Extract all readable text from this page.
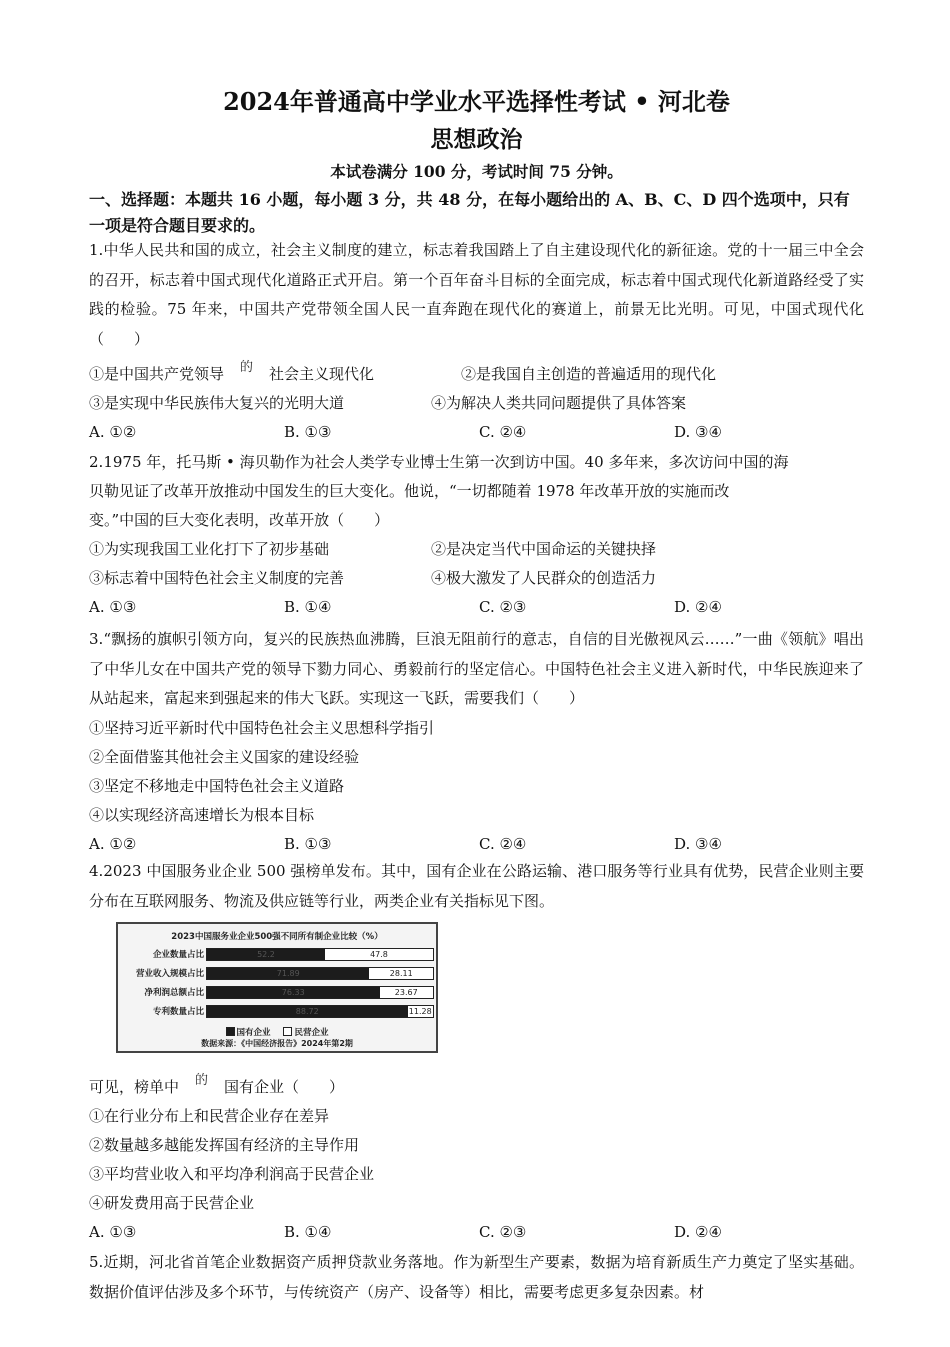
2024年普通高中学业水平选择性考试 • 河北卷
思想政治
本试卷满分 100 分，考试时间 75 分钟。
一、选择题：本题共 16 小题，每小题 3 分，共 48 分，在每小题给出的 A、B、C、D 四个选项中，只有一项是符合题目要求的。

1.中华人民共和国的成立，社会主义制度的建立，标志着我国踏上了自主建设现代化的新征途。党的十一届三中全会的召开，标志着中国式现代化道路正式开启。第一个百年奋斗目标的全面完成，标志着中国式现代化新道路经受了实践的检验。75 年来，中国共产党带领全国人民一直奔跑在现代化的赛道上，前景无比光明。可见，中国式现代化（　　）

①是中国共产党领导 的 社会主义现代化	②是我国自主创造的普遍适用的现代化
③是实现中华民族伟大复兴的光明大道	④为解决人类共同问题提供了具体答案
A. ①②	B. ①③	C. ②④	D. ③④
2.1975 年，托马斯 • 海贝勒作为社会人类学专业博士生第一次到访中国。40 多年来，多次访问中国的海
贝勒见证了改革开放推动中国发生的巨大变化。他说，“一切都随着 1978 年改革开放的实施而改
变。”中国的巨大变化表明，改革开放（　　）
①为实现我国工业化打下了初步基础	②是决定当代中国命运的关键抉择
③标志着中国特色社会主义制度的完善	④极大激发了人民群众的创造活力
A. ①③	B. ①④	C. ②③	D. ②④

3.“飘扬的旗帜引领方向，复兴的民族热血沸腾，巨浪无阻前行的意志，自信的目光傲视风云……”一曲《领航》唱出了中华儿女在中国共产党的领导下勠力同心、勇毅前行的坚定信心。中国特色社会主义进入新时代，中华民族迎来了从站起来，富起来到强起来的伟大飞跃。实现这一飞跃，需要我们（　　）

①坚持习近平新时代中国特色社会主义思想科学指引
②全面借鉴其他社会主义国家的建设经验
③坚定不移地走中国特色社会主义道路
④以实现经济高速增长为根本目标
A. ①②	B. ①③	C. ②④	D. ③④

4.2023 中国服务业企业 500 强榜单发布。其中，国有企业在公路运输、港口服务等行业具有优势，民营企业则主要分布在互联网服务、物流及供应链等行业，两类企业有关指标见下图。

2023中国服务业企业500强不同所有制企业比较（%）
企业数量占比	52.2	47.8
营业收入规模占比	71.89	28.11
净利润总额占比	76.33	23.67
专利数量占比	88.72	11.28
国有企业	民营企业
数据来源：《中国经济报告》2024年第2期
可见，榜单中 的 国有企业（　　）
①在行业分布上和民营企业存在差异
②数量越多越能发挥国有经济的主导作用
③平均营业收入和平均净利润高于民营企业
④研发费用高于民营企业
A. ①③	B. ①④	C. ②③	D. ②④

5.近期，河北省首笔企业数据资产质押贷款业务落地。作为新型生产要素，数据为培育新质生产力奠定了坚实基础。数据价值评估涉及多个环节，与传统资产（房产、设备等）相比，需要考虑更多复杂因素。材
